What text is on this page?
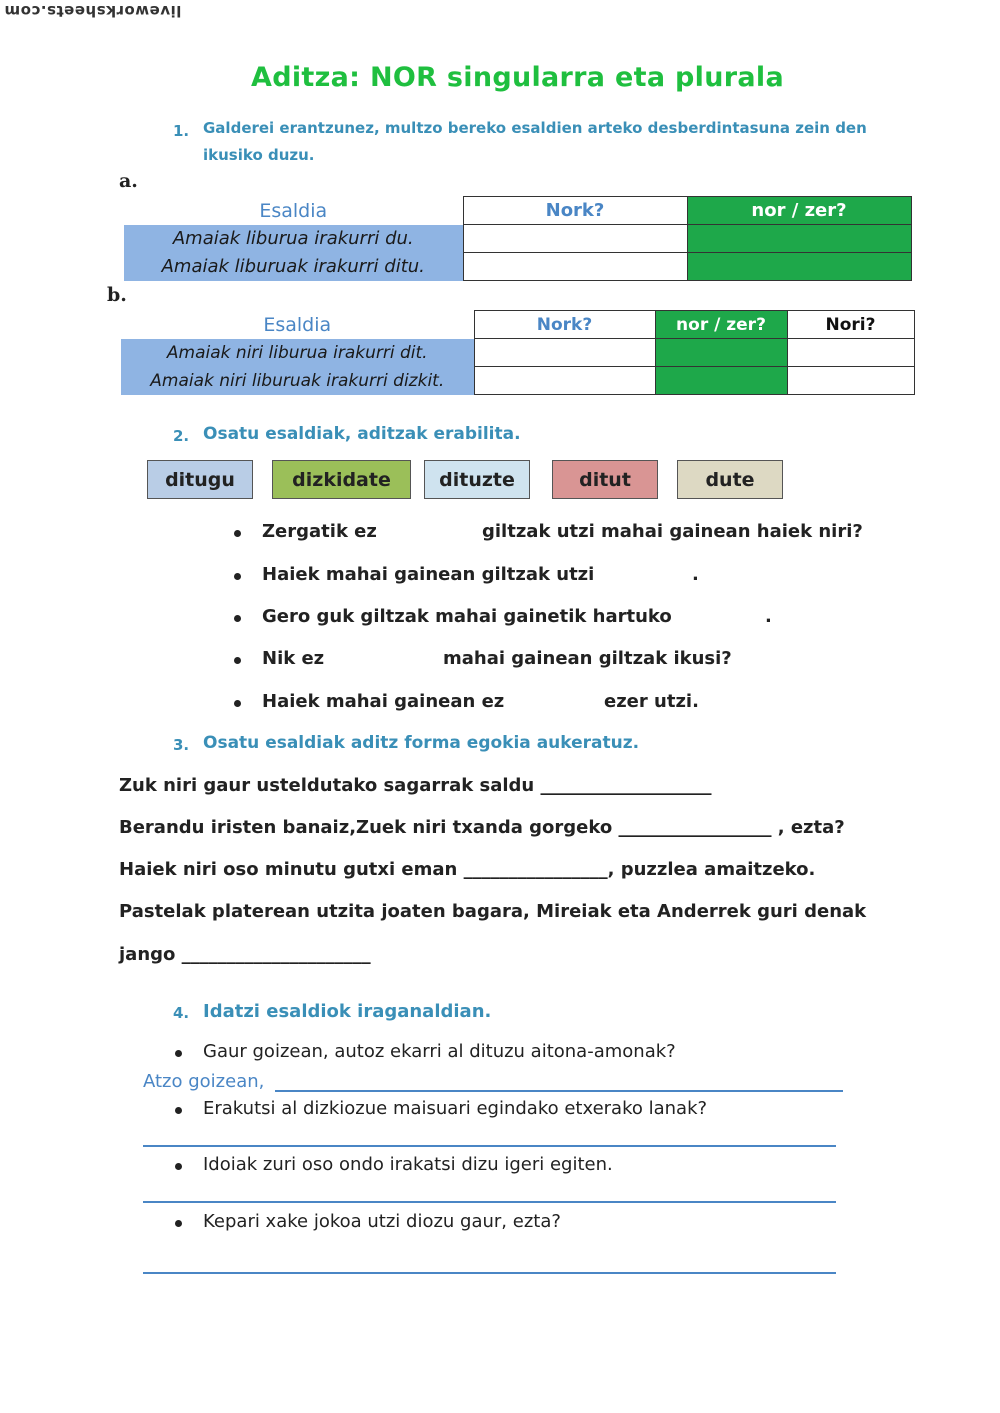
liveworksheets.com
Aditza: NOR singularra eta plurala
1. Galderei erantzunez, multzo bereko esaldien arteko desberdintasuna zein den ikusiko duzu.
a.
Esaldia	Nork?	nor / zer?
Amaiak liburua irakurri du.		
Amaiak liburuak irakurri ditu.		
b.
Esaldia	Nork?	nor / zer?	Nori?
Amaiak niri liburua irakurri dit.			
Amaiak niri liburuak irakurri dizkit.			
2. Osatu esaldiak, aditzak erabilita.
ditugu	dizkidate	dituzte	ditut	dute
Zergatik ez	giltzak utzi mahai gainean haiek niri?
Haiek mahai gainean giltzak utzi	.
Gero guk giltzak mahai gainetik hartuko	.
Nik ez	mahai gainean giltzak ikusi?
Haiek mahai gainean ez	ezer utzi.
3. Osatu esaldiak aditz forma egokia aukeratuz.
Zuk niri gaur usteldutako sagarrak saldu ___________________
Berandu iristen banaiz,Zuek niri txanda gorgeko _________________ , ezta?
Haiek niri oso minutu gutxi eman ________________, puzzlea amaitzeko.
Pastelak platerean utzita joaten bagara, Mireiak eta Anderrek guri denak
jango _____________________
4. Idatzi esaldiok iraganaldian.
Gaur goizean, autoz ekarri al dituzu aitona-amonak?
Atzo goizean,
Erakutsi al dizkiozue maisuari egindako etxerako lanak?
Idoiak zuri oso ondo irakatsi dizu igeri egiten.
Kepari xake jokoa utzi diozu gaur, ezta?
